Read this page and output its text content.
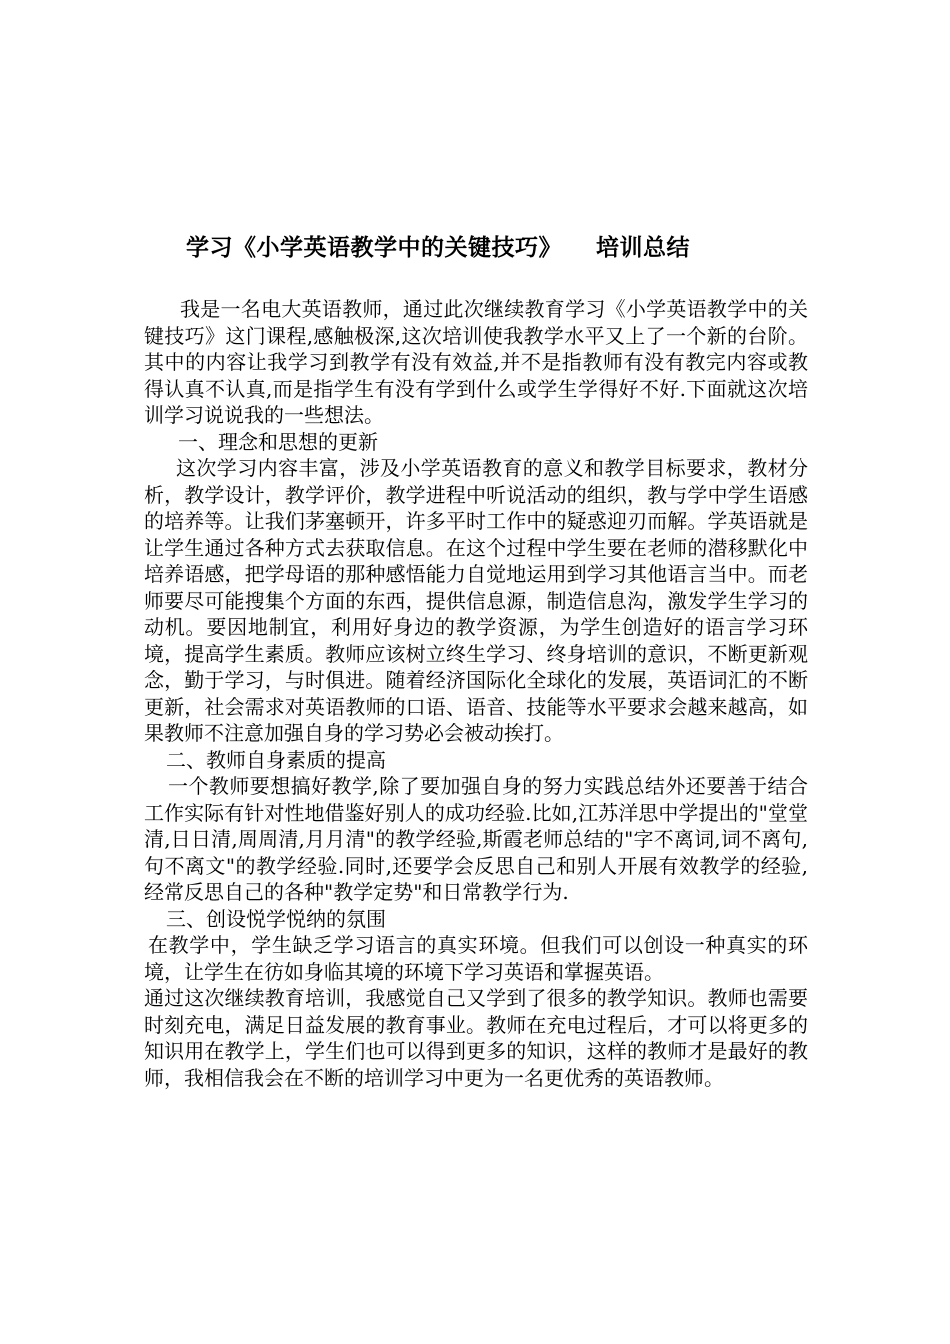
学习《小学英语教学中的关键技巧》    培训总结

我是一名电大英语教师，通过此次继续教育学习《小学英语教学中的关键技巧》这门课程,感触极深,这次培训使我教学水平又上了一个新的台阶。其中的内容让我学习到教学有没有效益,并不是指教师有没有教完内容或教得认真不认真,而是指学生有没有学到什么或学生学得好不好.下面就这次培训学习说说我的一些想法。

一、理念和思想的更新

这次学习内容丰富，涉及小学英语教育的意义和教学目标要求，教材分析，教学设计，教学评价，教学进程中听说活动的组织，教与学中学生语感的培养等。让我们茅塞顿开，许多平时工作中的疑惑迎刃而解。学英语就是让学生通过各种方式去获取信息。在这个过程中学生要在老师的潜移默化中培养语感，把学母语的那种感悟能力自觉地运用到学习其他语言当中。而老师要尽可能搜集个方面的东西，提供信息源，制造信息沟，激发学生学习的动机。要因地制宜，利用好身边的教学资源，为学生创造好的语言学习环境，提高学生素质。教师应该树立终生学习、终身培训的意识，不断更新观念，勤于学习，与时俱进。随着经济国际化全球化的发展，英语词汇的不断更新，社会需求对英语教师的口语、语音、技能等水平要求会越来越高，如果教师不注意加强自身的学习势必会被动挨打。

二、教师自身素质的提高

一个教师要想搞好教学,除了要加强自身的努力实践总结外还要善于结合工作实际有针对性地借鉴好别人的成功经验.比如,江苏洋思中学提出的"堂堂清,日日清,周周清,月月清"的教学经验,斯霞老师总结的"字不离词,词不离句,句不离文"的教学经验.同时,还要学会反思自己和别人开展有效教学的经验,经常反思自己的各种"教学定势"和日常教学行为.

三、创设悦学悦纳的氛围

在教学中，学生缺乏学习语言的真实环境。但我们可以创设一种真实的环境，让学生在彷如身临其境的环境下学习英语和掌握英语。

通过这次继续教育培训，我感觉自己又学到了很多的教学知识。教师也需要时刻充电，满足日益发展的教育事业。教师在充电过程后，才可以将更多的知识用在教学上，学生们也可以得到更多的知识，这样的教师才是最好的教师，我相信我会在不断的培训学习中更为一名更优秀的英语教师。
